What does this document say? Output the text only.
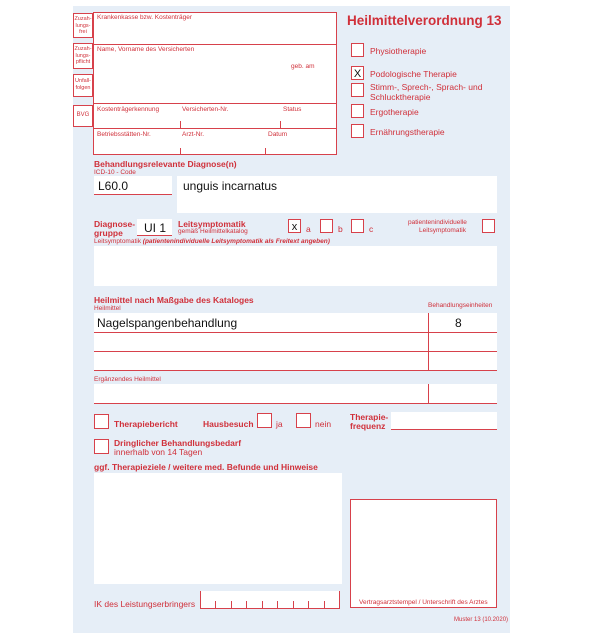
Zuzah-
lungs-
frei
Zuzah-
lungs-
pflicht
Unfall-
folgen
BVG
Krankenkasse bzw. Kostenträger
Name, Vorname des Versicherten
geb. am
Kostenträgerkennung	Versicherten-Nr.	Status
Betriebsstätten-Nr.	Arzt-Nr.	Datum
Heilmittelverordnung 13
Physiotherapie
X	Podologische Therapie
Stimm-, Sprech-, Sprach- und Schlucktherapie
Ergotherapie
Ernährungstherapie
Behandlungsrelevante Diagnose(n)
ICD-10 - Code
L60.0	unguis incarnatus
Diagnose-
gruppe UI 1 Leitsymptomatik
gemäß Heilmittelkatalog	x	a	b	c
patientenindividuelle
Leitsymptomatik
Leitsymptomatik (patientenindividuelle Leitsymptomatik als Freitext angeben)
Heilmittel nach Maßgabe des Kataloges
Heilmittel	Behandlungseinheiten
Nagelspangenbehandlung	8
Ergänzendes Heilmittel
Therapiebericht	Hausbesuch	ja	nein
Therapie-
frequenz
Dringlicher Behandlungsbedarf
innerhalb von 14 Tagen
ggf. Therapieziele / weitere med. Befunde und Hinweise
Vertragsarztstempel / Unterschrift des Arztes
IK des Leistungserbringers
Muster 13 (10.2020)
